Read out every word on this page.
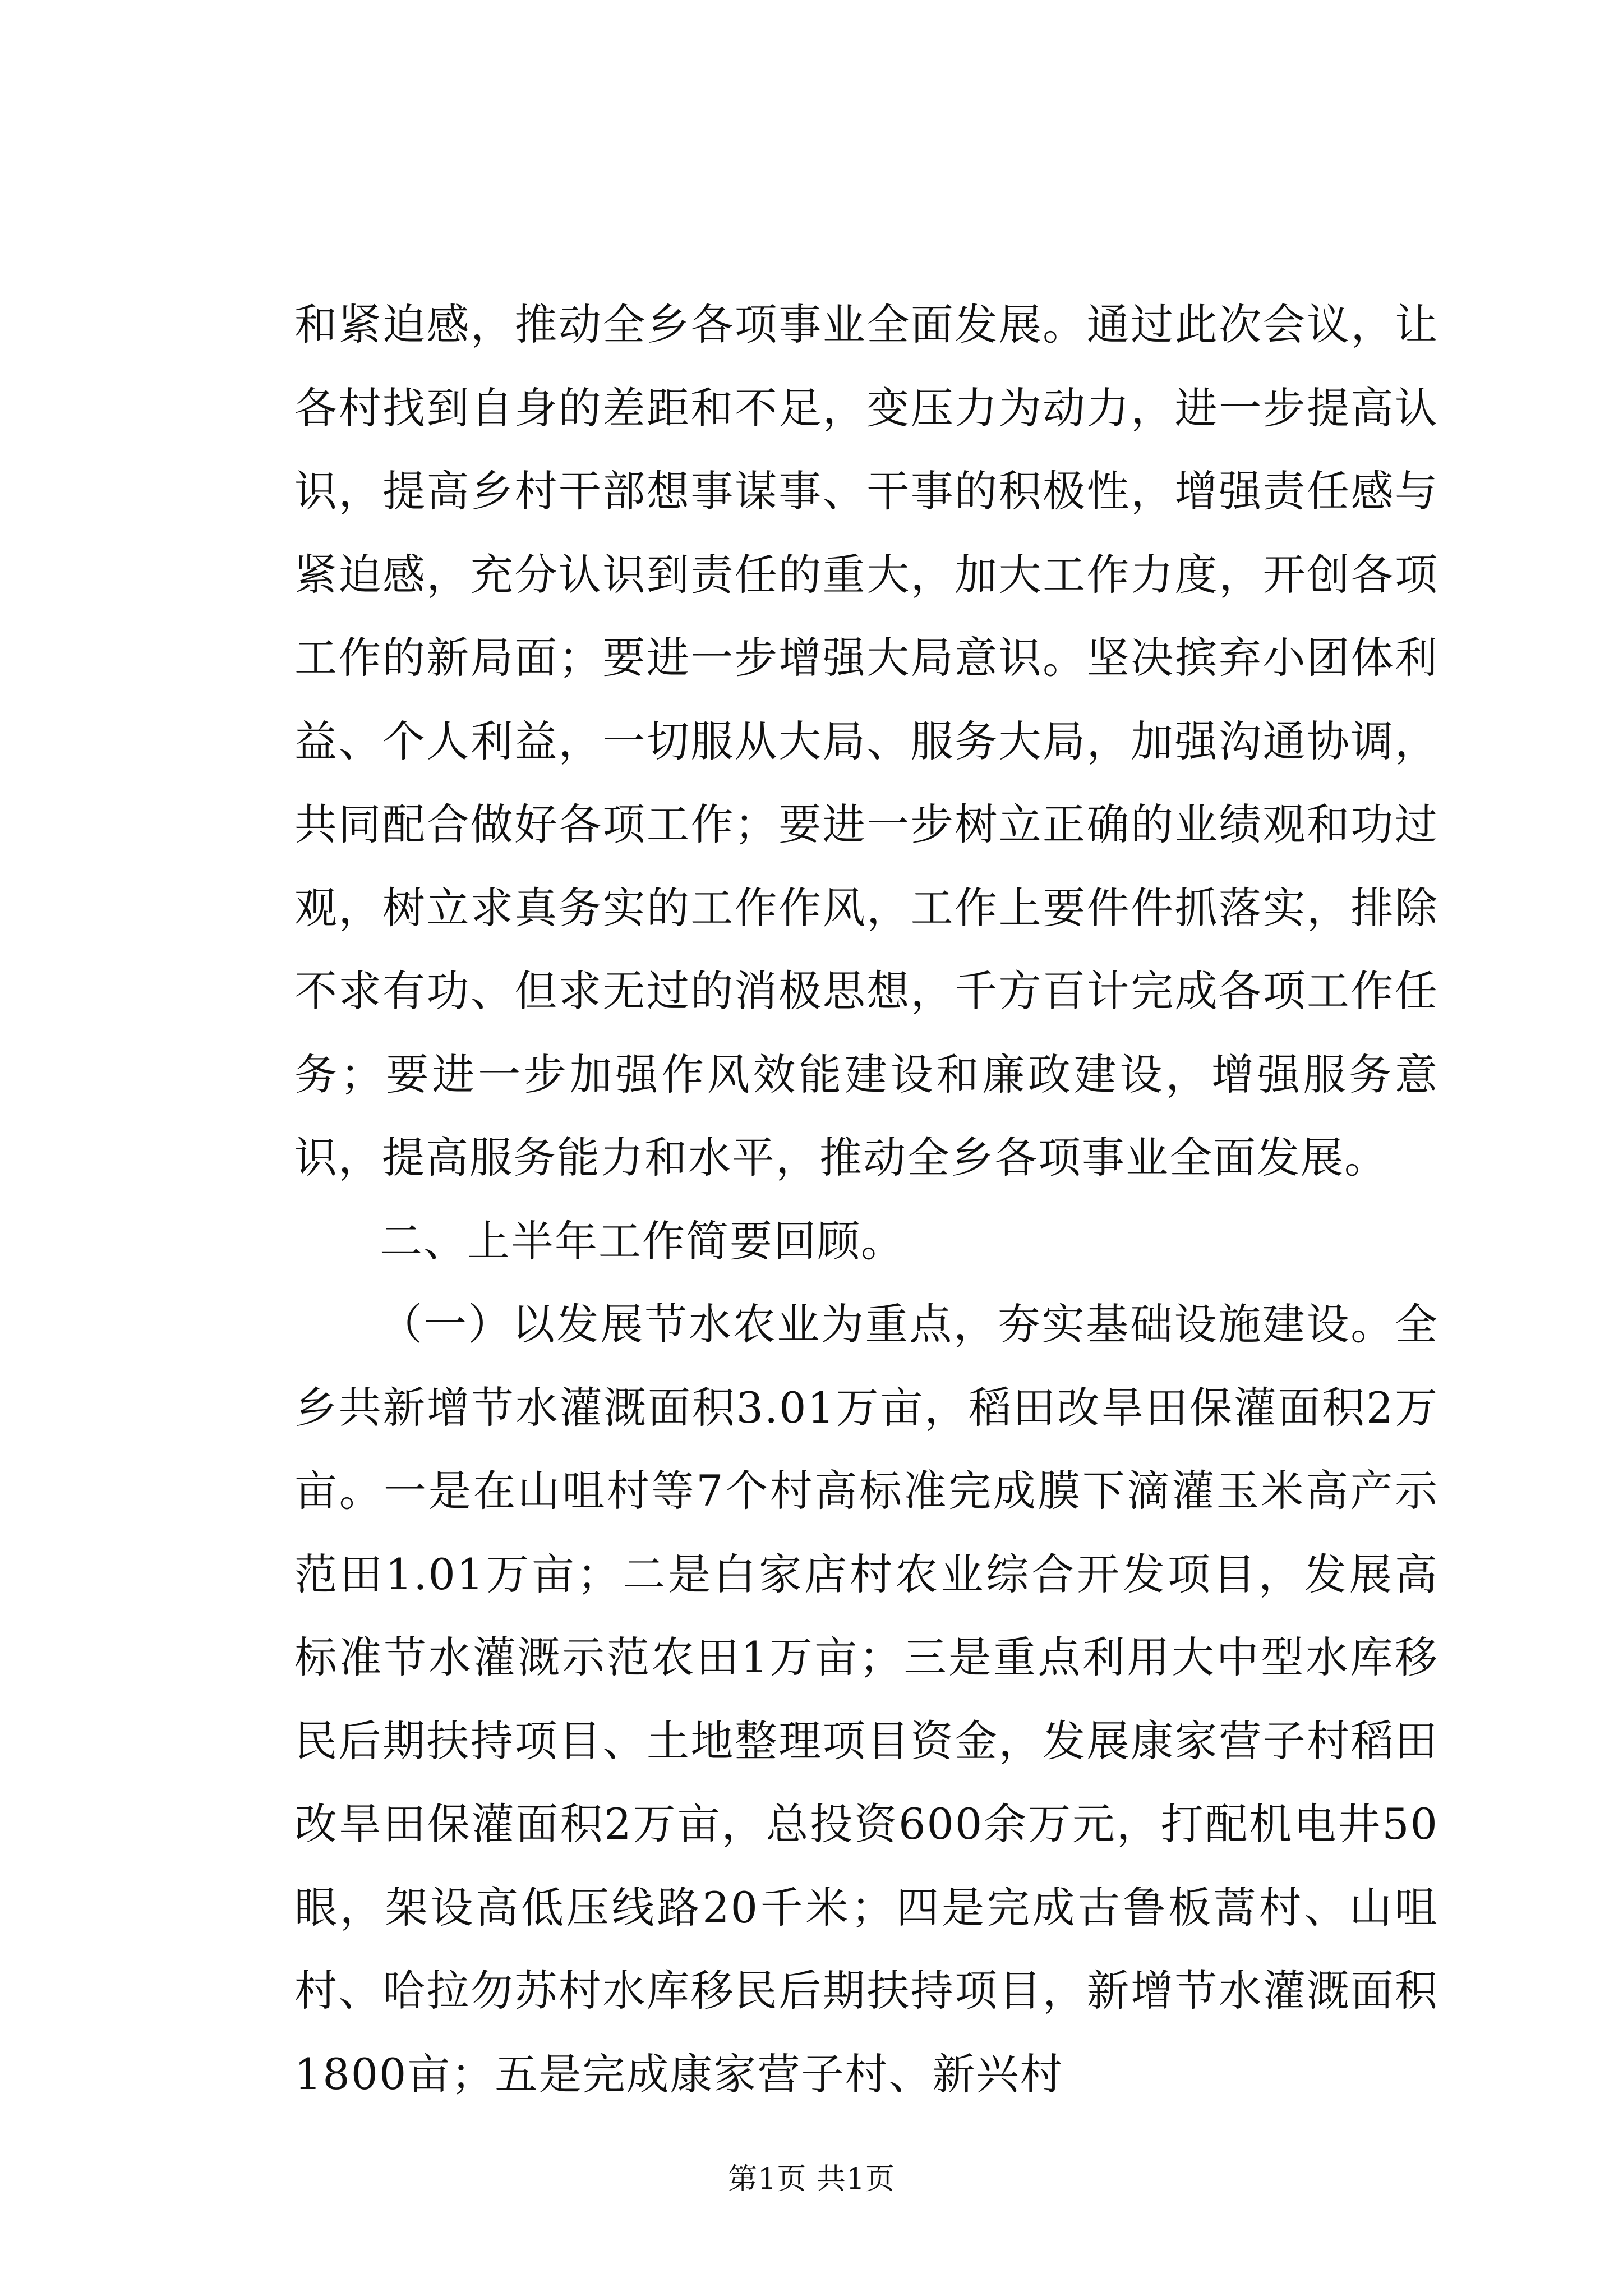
和紧迫感，推动全乡各项事业全面发展。通过此次会议，让各村找到自身的差距和不足，变压力为动力，进一步提高认识，提高乡村干部想事谋事、干事的积极性，增强责任感与紧迫感，充分认识到责任的重大，加大工作力度，开创各项工作的新局面；要进一步增强大局意识。坚决摈弃小团体利益、个人利益，一切服从大局、服务大局，加强沟通协调，共同配合做好各项工作；要进一步树立正确的业绩观和功过观，树立求真务实的工作作风，工作上要件件抓落实，排除不求有功、但求无过的消极思想，千方百计完成各项工作任务；要进一步加强作风效能建设和廉政建设，增强服务意识，提高服务能力和水平，推动全乡各项事业全面发展。

二、上半年工作简要回顾。

（一）以发展节水农业为重点，夯实基础设施建设。全乡共新增节水灌溉面积3.01万亩，稻田改旱田保灌面积2万亩。一是在山咀村等7个村高标准完成膜下滴灌玉米高产示范田1.01万亩；二是白家店村农业综合开发项目，发展高标准节水灌溉示范农田1万亩；三是重点利用大中型水库移民后期扶持项目、土地整理项目资金，发展康家营子村稻田改旱田保灌面积2万亩，总投资600余万元，打配机电井50眼，架设高低压线路20千米；四是完成古鲁板蒿村、山咀村、哈拉勿苏村水库移民后期扶持项目，新增节水灌溉面积1800亩；五是完成康家营子村、新兴村

第1页 共1页
